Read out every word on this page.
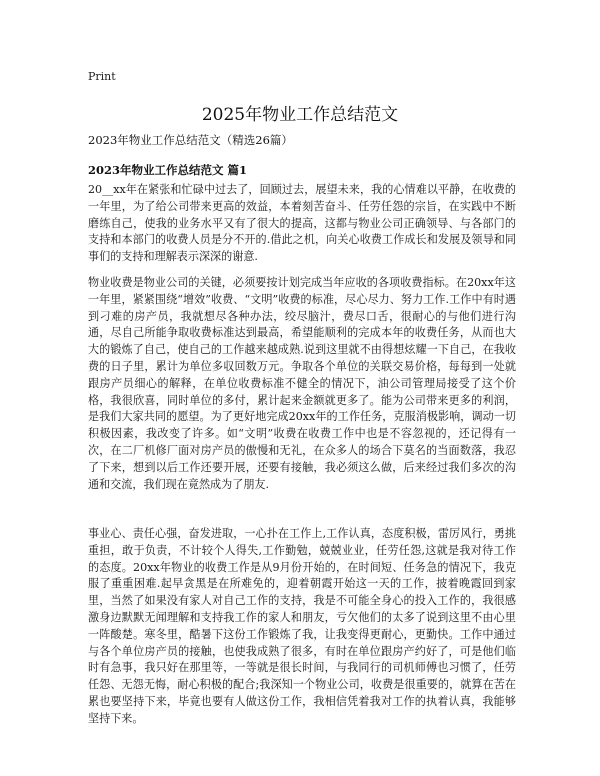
Print
2025年物业工作总结范文

2023年物业工作总结范文（精选26篇）

2023年物业工作总结范文 篇1

20__xx年在紧张和忙碌中过去了，回顾过去，展望未来，我的心情难以平静，在收费的一年里，为了给公司带来更高的效益，本着刻苦奋斗、任劳任怨的宗旨，在实践中不断磨练自己，使我的业务水平又有了很大的提高，这都与物业公司正确领导、与各部门的支持和本部门的收费人员是分不开的.借此之机，向关心收费工作成长和发展及领导和同事们的支持和理解表示深深的谢意.

物业收费是物业公司的关键，必须要按计划完成当年应收的各项收费指标。在20xx年这一年里，紧紧围绕“增效”收费、“文明”收费的标准，尽心尽力、努力工作.工作中有时遇到刁难的房产员，我就想尽各种办法，绞尽脑汁，费尽口舌，很耐心的与他们进行沟通，尽自己所能争取收费标准达到最高，希望能顺利的完成本年的收费任务，从而也大大的锻炼了自己，使自己的工作越来越成熟.说到这里就不由得想炫耀一下自己，在我收费的日子里，累计为单位多収回数万元。争取各个单位的关联交易价格，每每到一处就跟房产员细心的解释，在单位收费标准不健全的情况下，油公司管理局接受了这个价格，我很欣喜，同时单位的多付，累计起来金额就更多了。能为公司带来更多的利润，是我们大家共同的愿望。为了更好地完成20xx年的工作任务，克服消极影响，调动一切积极因素，我改变了许多。如“文明”收费在收费工作中也是不容忽视的，还记得有一次，在二厂机修厂面对房产员的傲慢和无礼，在众多人的场合下莫名的当面数落，我忍了下来，想到以后工作还要开展，还要有接触，我必须这么做，后来经过我们多次的沟通和交流，我们现在竟然成为了朋友.

事业心、责任心强，奋发进取，一心扑在工作上,工作认真，态度积极，雷厉风行，勇挑重担，敢于负责，不计较个人得失,工作勤勉，兢兢业业，任劳任怨,这就是我对待工作的态度。20xx年物业的收费工作是从9月份开始的，在时间短、任务急的情况下，我克服了重重困难.起早贪黑是在所难免的，迎着朝霞开始这一天的工作，披着晚霞回到家里，当然了如果没有家人对自己工作的支持，我是不可能全身心的投入工作的，我很感激身边默默无闻理解和支持我工作的家人和朋友，亏欠他们的太多了说到这里不由心里一阵酸楚。寒冬里，酷暑下这份工作锻炼了我，让我变得更耐心，更勤快。工作中通过与各个单位房产员的接触，也使我成熟了很多，有时在单位跟房产约好了，可是他们临时有急事，我只好在那里等，一等就是很长时间，与我同行的司机师傅也习惯了，任劳任怨、无怨无悔，耐心积极的配合;我深知一个物业公司，收费是很重要的，就算在苦在累也要坚持下来，毕竟也要有人做这份工作，我相信凭着我对工作的执着认真，我能够坚持下来。
